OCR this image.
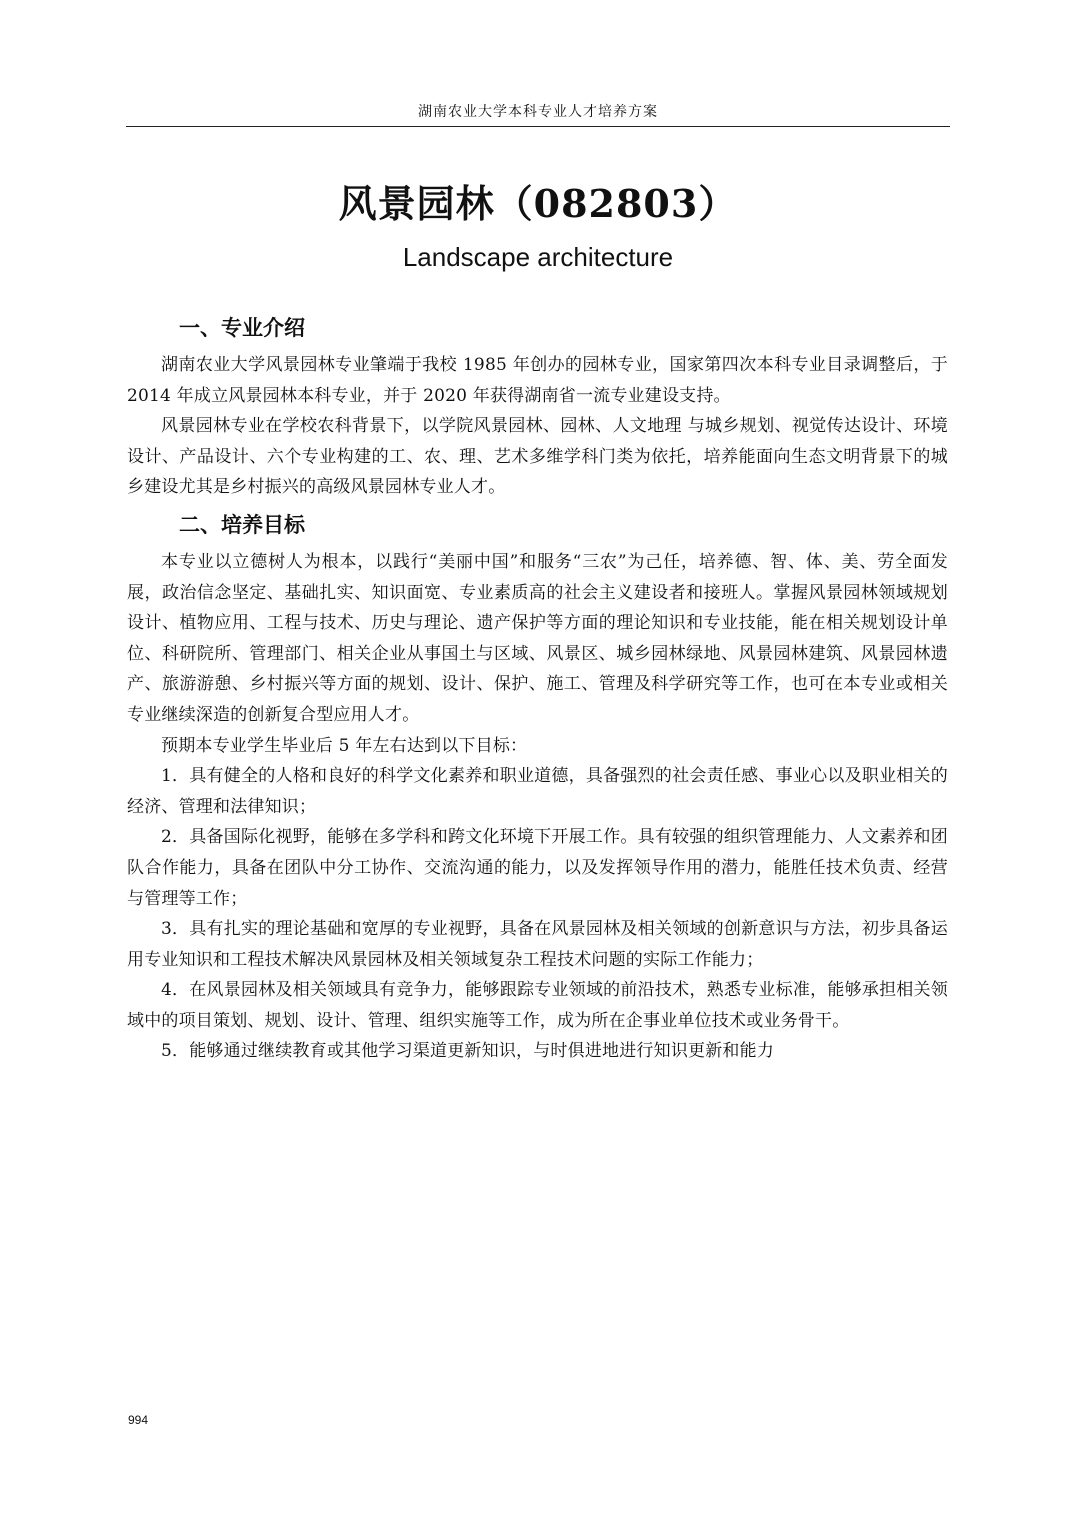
湖南农业大学本科专业人才培养方案
风景园林（082803）
Landscape architecture
一、专业介绍

湖南农业大学风景园林专业肇端于我校 1985 年创办的园林专业，国家第四次本科专业目录调整后，于 2014 年成立风景园林本科专业，并于 2020 年获得湖南省一流专业建设支持。

风景园林专业在学校农科背景下，以学院风景园林、园林、人文地理 与城乡规划、视觉传达设计、环境设计、产品设计、六个专业构建的工、农、理、艺术多维学科门类为依托，培养能面向生态文明背景下的城乡建设尤其是乡村振兴的高级风景园林专业人才。

二、培养目标

本专业以立德树人为根本，以践行“美丽中国”和服务“三农”为己任，培养德、智、体、美、劳全面发展，政治信念坚定、基础扎实、知识面宽、专业素质高的社会主义建设者和接班人。掌握风景园林领域规划设计、植物应用、工程与技术、历史与理论、遗产保护等方面的理论知识和专业技能，能在相关规划设计单位、科研院所、管理部门、相关企业从事国土与区域、风景区、城乡园林绿地、风景园林建筑、风景园林遗产、旅游游憩、乡村振兴等方面的规划、设计、保护、施工、管理及科学研究等工作，也可在本专业或相关专业继续深造的创新复合型应用人才。

预期本专业学生毕业后 5 年左右达到以下目标：

1．具有健全的人格和良好的科学文化素养和职业道德，具备强烈的社会责任感、事业心以及职业相关的经济、管理和法律知识；

2．具备国际化视野，能够在多学科和跨文化环境下开展工作。具有较强的组织管理能力、人文素养和团队合作能力，具备在团队中分工协作、交流沟通的能力，以及发挥领导作用的潜力，能胜任技术负责、经营与管理等工作；

3．具有扎实的理论基础和宽厚的专业视野，具备在风景园林及相关领域的创新意识与方法，初步具备运用专业知识和工程技术解决风景园林及相关领域复杂工程技术问题的实际工作能力；

4．在风景园林及相关领域具有竞争力，能够跟踪专业领域的前沿技术，熟悉专业标准，能够承担相关领域中的项目策划、规划、设计、管理、组织实施等工作，成为所在企事业单位技术或业务骨干。

5．能够通过继续教育或其他学习渠道更新知识，与时俱进地进行知识更新和能力

994
